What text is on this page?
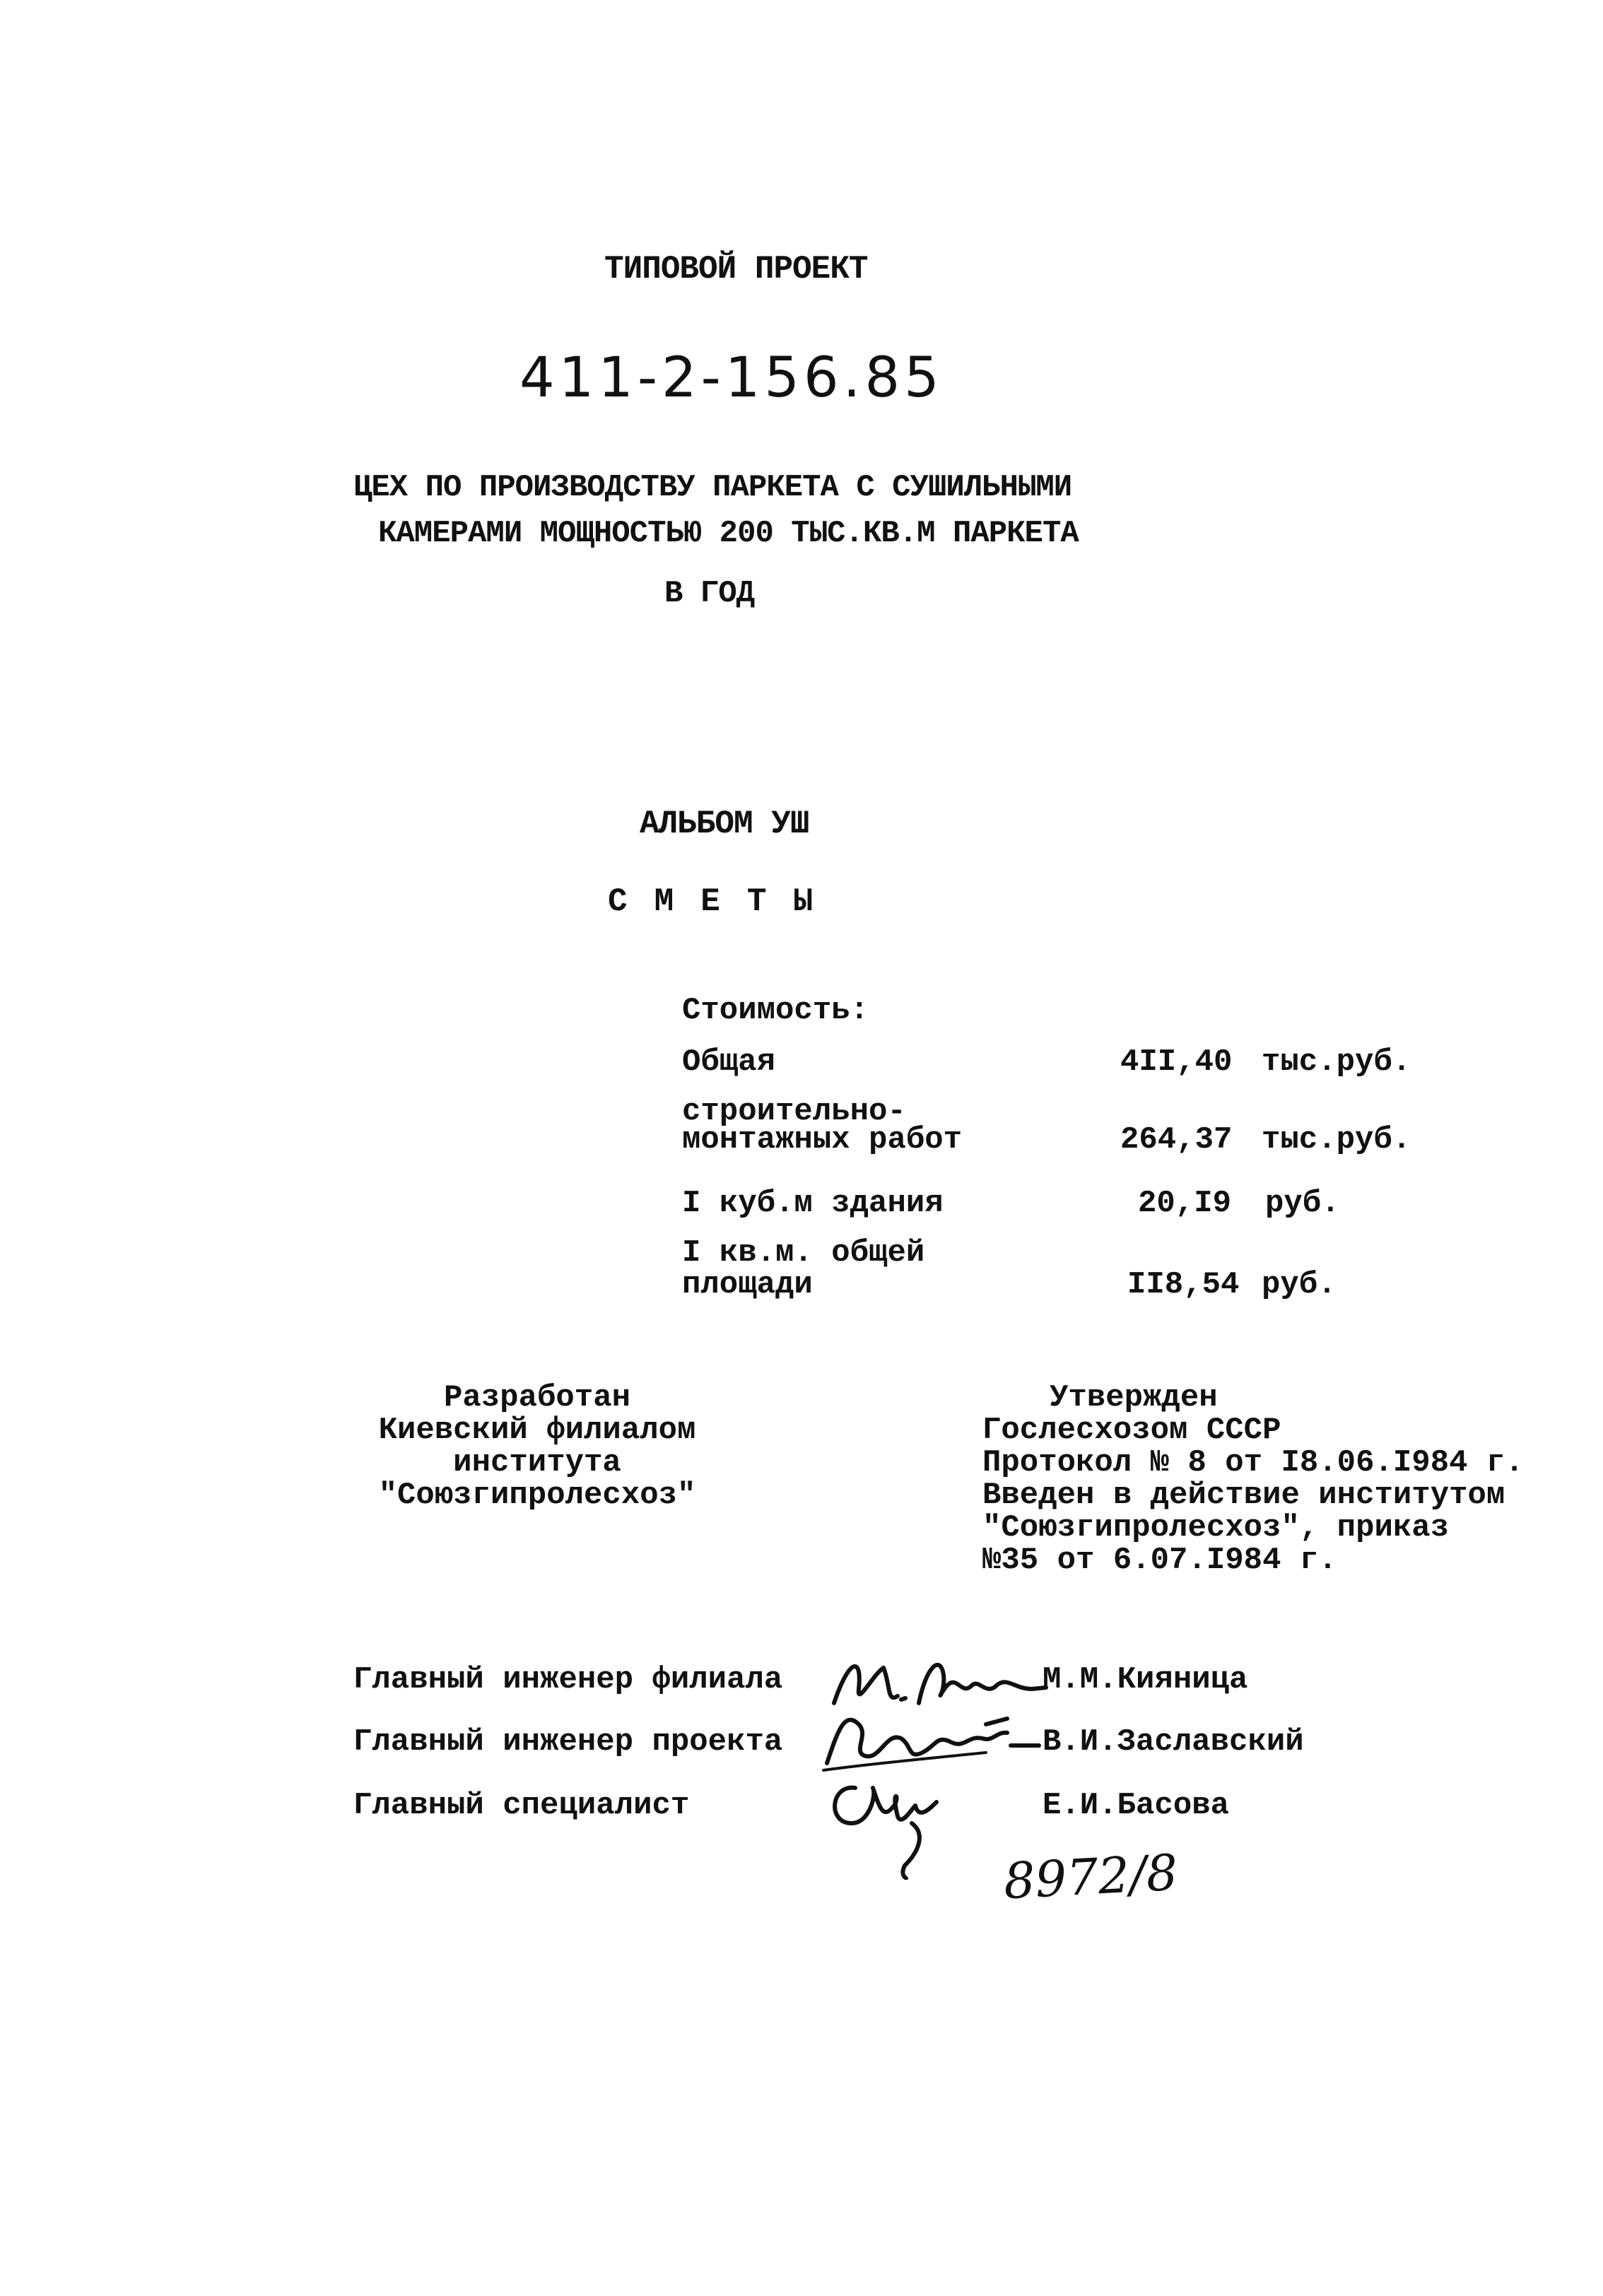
ТИПОВОЙ ПРОЕКТ
411-2-156.85
ЦЕХ ПО ПРОИЗВОДСТВУ ПАРКЕТА С СУШИЛЬНЫМИ
КАМЕРАМИ МОЩНОСТЬЮ 200 ТЫС.КВ.М ПАРКЕТА
В ГОД
АЛЬБОМ УШ
СМЕТЫ
Стоимость:
Общая	4II,40 тыс.руб.
строительно-
монтажных работ	264,37 тыс.руб.
I куб.м здания	20,I9 руб.
I кв.м. общей
площади	II8,54 руб.
Разработан
Киевский филиалом
института
"Союзгипролесхоз"
Утвержден
Гослесхозом СССР
Протокол № 8 от I8.06.I984 г.
Введен в действие институтом
"Союзгипролесхоз", приказ
№35 от 6.07.I984 г.
Главный инженер филиала	М.М.Кияница
Главный инженер проекта	В.И.Заславский
Главный специалист	Е.И.Басова
8972/8
